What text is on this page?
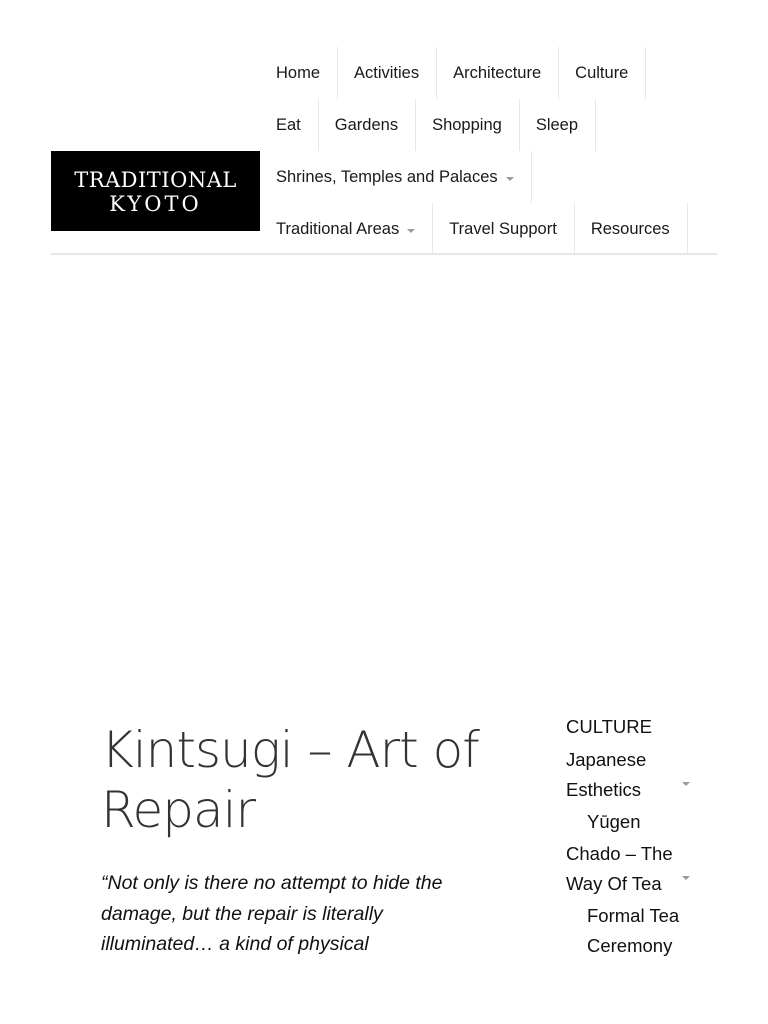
TRADITIONAL
KYOTO
Home Activities Architecture Culture
Eat Gardens Shopping Sleep
Shrines, Temples and Palaces
Traditional Areas	Travel Support Resources
Kintsugi – Art of Repair

“Not only is there no attempt to hide the damage, but the repair is literally illuminated… a kind of physical

CULTURE
Japanese Esthetics
Yūgen
Chado – The Way Of Tea
Formal Tea Ceremony
